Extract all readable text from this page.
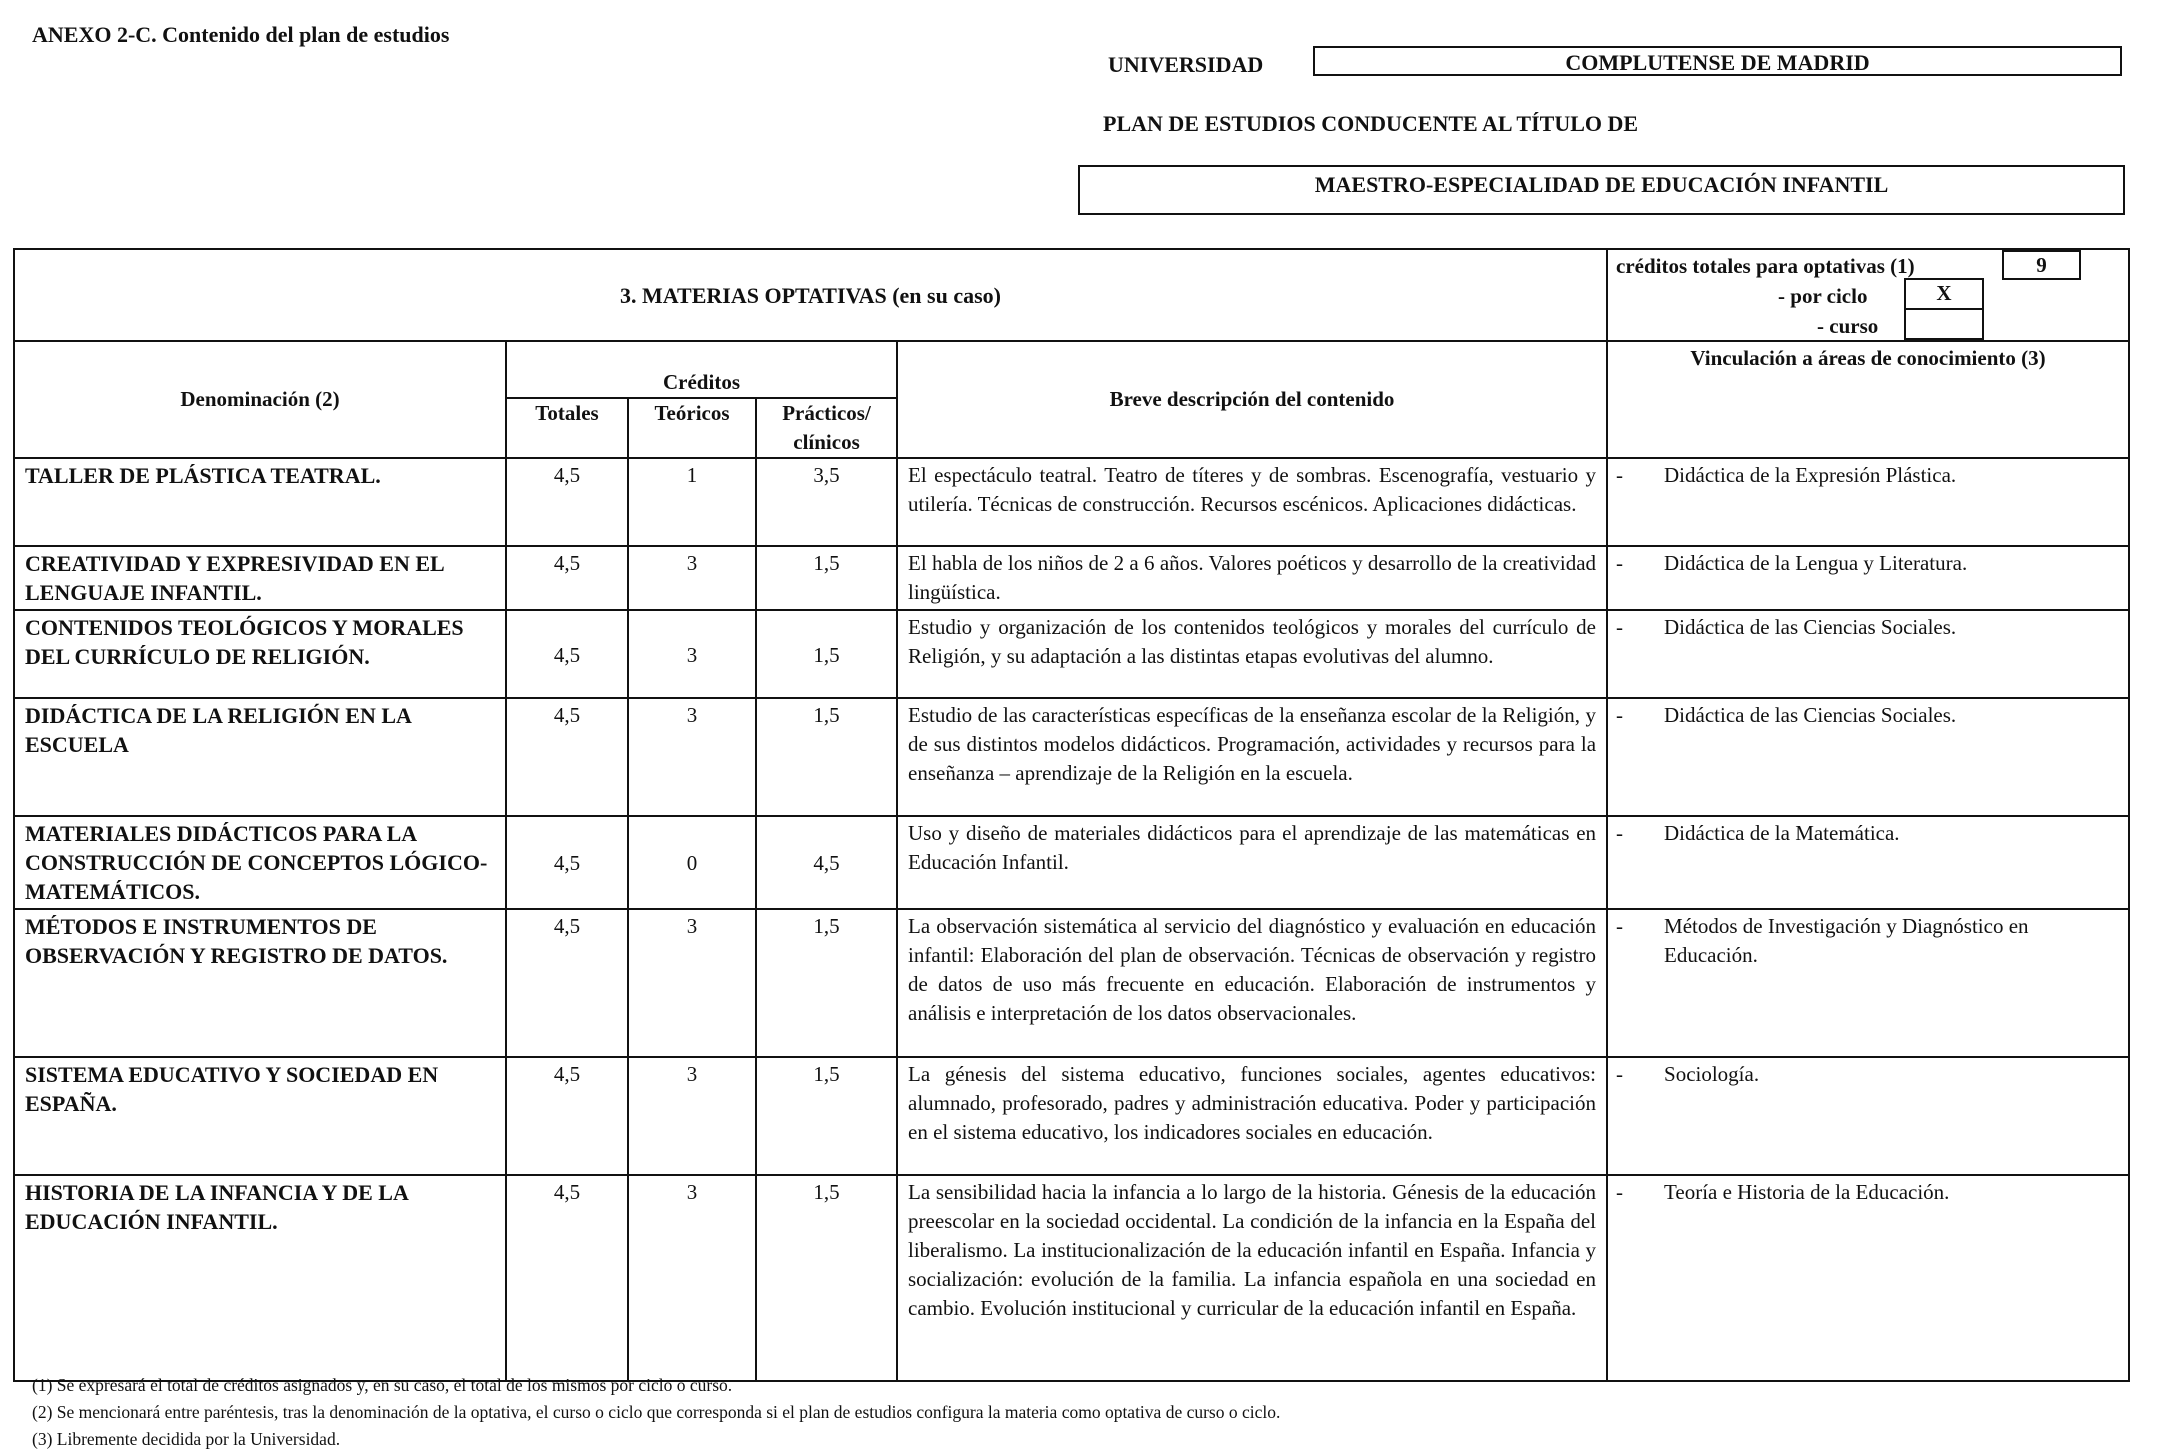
ANEXO 2-C. Contenido del plan de estudios
UNIVERSIDAD	COMPLUTENSE DE MADRID
PLAN DE ESTUDIOS CONDUCENTE AL TÍTULO DE
MAESTRO-ESPECIALIDAD DE EDUCACIÓN INFANTIL
3. MATERIAS OPTATIVAS (en su caso)					créditos totales para optativas (1) 9
- por ciclo X
- curso

Denominación (2)	Créditos			Breve descripción del contenido	Vinculación a áreas de conocimiento (3)
	Totales	Teóricos	Prácticos/
clínicos		
TALLER DE PLÁSTICA TEATRAL.	4,5	1	3,5	El espectáculo teatral. Teatro de títeres y de sombras. Escenografía, vestuario y utilería. Técnicas de construcción. Recursos escénicos. Aplicaciones didácticas.	- Didáctica de la Expresión Plástica.
CREATIVIDAD Y EXPRESIVIDAD EN EL LENGUAJE INFANTIL.	4,5	3	1,5	El habla de los niños de 2 a 6 años. Valores poéticos y desarrollo de la creatividad lingüística.	- Didáctica de la Lengua y Literatura.
CONTENIDOS TEOLÓGICOS Y MORALES DEL CURRÍCULO DE RELIGIÓN.	4,5	3	1,5	Estudio y organización de los contenidos teológicos y morales del currículo de Religión, y su adaptación a las distintas etapas evolutivas del alumno.	- Didáctica de las Ciencias Sociales.
DIDÁCTICA DE LA RELIGIÓN EN LA ESCUELA	4,5	3	1,5	Estudio de las características específicas de la enseñanza escolar de la Religión, y de sus distintos modelos didácticos. Programación, actividades y recursos para la enseñanza – aprendizaje de la Religión en la escuela.	- Didáctica de las Ciencias Sociales.
MATERIALES DIDÁCTICOS PARA LA CONSTRUCCIÓN DE CONCEPTOS LÓGICO-MATEMÁTICOS.	4,5	0	4,5	Uso y diseño de materiales didácticos para el aprendizaje de las matemáticas en Educación Infantil.	- Didáctica de la Matemática.
MÉTODOS E INSTRUMENTOS DE OBSERVACIÓN Y REGISTRO DE DATOS.	4,5	3	1,5	La observación sistemática al servicio del diagnóstico y evaluación en educación infantil: Elaboración del plan de observación. Técnicas de observación y registro de datos de uso más frecuente en educación. Elaboración de instrumentos y análisis e interpretación de los datos observacionales.	- Métodos de Investigación y Diagnóstico en Educación.
SISTEMA EDUCATIVO Y SOCIEDAD EN ESPAÑA.	4,5	3	1,5	La génesis del sistema educativo, funciones sociales, agentes educativos: alumnado, profesorado, padres y administración educativa. Poder y participación en el sistema educativo, los indicadores sociales en educación.	- Sociología.
HISTORIA DE LA INFANCIA Y DE LA EDUCACIÓN INFANTIL.	4,5	3	1,5	La sensibilidad hacia la infancia a lo largo de la historia. Génesis de la educación preescolar en la sociedad occidental. La condición de la infancia en la España del liberalismo. La institucionalización de la educación infantil en España. Infancia y socialización: evolución de la familia. La infancia española en una sociedad en cambio. Evolución institucional y curricular de la educación infantil en España.	- Teoría e Historia de la Educación.
(1) Se expresará el total de créditos asignados y, en su caso, el total de los mismos por ciclo o curso.
(2) Se mencionará entre paréntesis, tras la denominación de la optativa, el curso o ciclo que corresponda si el plan de estudios configura la materia como optativa de curso o ciclo.
(3) Libremente decidida por la Universidad.
